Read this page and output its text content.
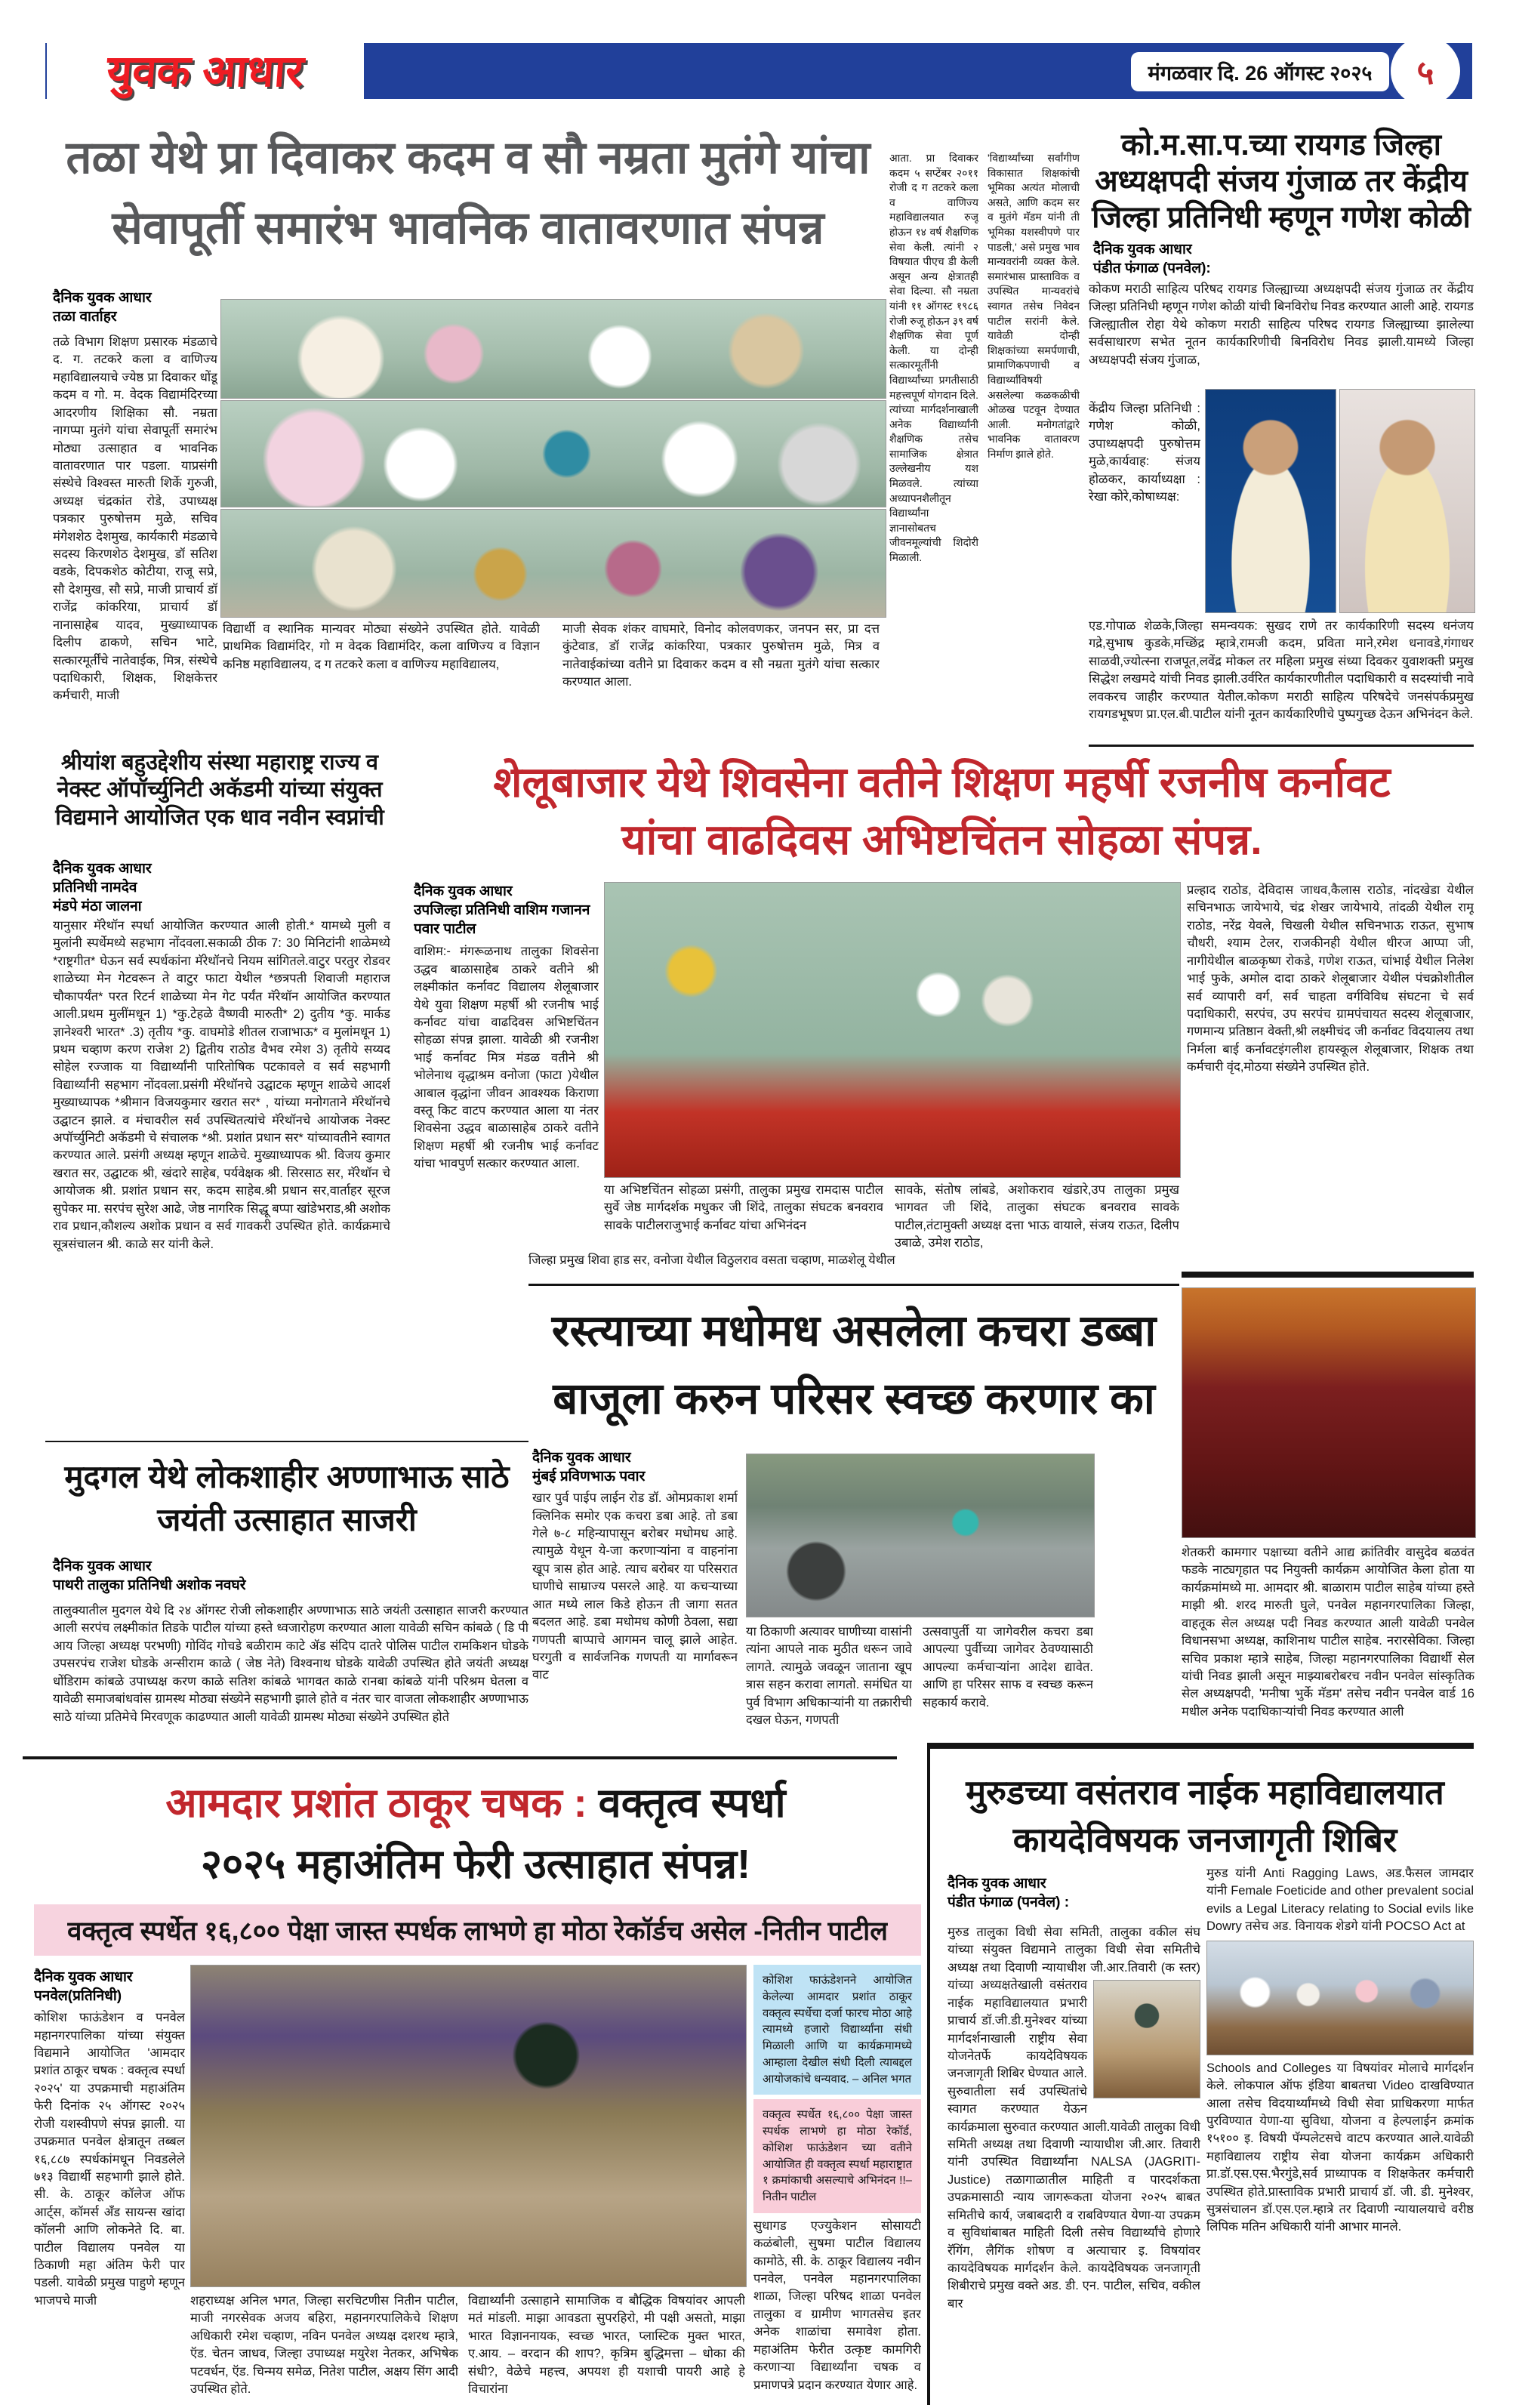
युवक आधार	मंगळवार दि. 26 ऑगस्ट २०२५ ५
तळा येथे प्रा दिवाकर कदम व सौ नम्रता मुतंगे यांचा सेवापूर्ती समारंभ भावनिक वातावरणात संपन्न
दैनिक युवक आधार
तळा वार्ताहर
तळे विभाग शिक्षण प्रसारक मंडळाचे द. ग. तटकरे कला व वाणिज्य महाविद्यालयाचे ज्येष्ठ प्रा दिवाकर धोंडू कदम व गो. म. वेदक विद्यामंदिरच्या आदरणीय शिक्षिका सौ. नम्रता नागप्पा मुतंगे यांचा सेवापूर्ती समारंभ मोठ्या उत्साहात व भावनिक वातावरणात पार पडला. याप्रसंगी संस्थेचे विश्वस्त मारुती शिर्के गुरुजी, अध्यक्ष चंद्रकांत रोडे, उपाध्यक्ष पत्रकार पुरुषोत्तम मुळे, सचिव मंगेशशेठ देशमुख, कार्यकारी मंडळाचे सदस्य किरणशेठ देशमुख, डॉ सतिश वडके, दिपकशेठ कोटीया, राजू सप्रे, सौ देशमुख, सौ सप्रे, माजी प्राचार्य डॉ राजेंद्र कांकरिया, प्राचार्य डॉ नानासाहेब यादव, मुख्याध्यापक दिलीप ढाकणे, सचिन भाटे, सत्कारमूर्तींचे नातेवाईक, मित्र, संस्थेचे पदाधिकारी, शिक्षक, शिक्षकेत्तर कर्मचारी, माजी
विद्यार्थी व स्थानिक मान्यवर मोठ्या संख्येने उपस्थित होते. यावेळी प्राथमिक विद्यामंदिर, गो म वेदक विद्यामंदिर, कला वाणिज्य व विज्ञान कनिष्ठ महाविद्यालय, द ग तटकरे कला व वाणिज्य महाविद्यालय,
माजी सेवक शंकर वाघमारे, विनोद कोलवणकर, जनपन सर, प्रा दत्त कुंटेवाड, डॉ राजेंद्र कांकरिया, पत्रकार पुरुषोत्तम मुळे, मित्र व नातेवाईकांच्या वतीने प्रा दिवाकर कदम व सौ नम्रता मुतंगे यांचा सत्कार करण्यात आला.
आता. प्रा दिवाकर कदम ५ सप्टेंबर २०११ रोजी द ग तटकरे कला व वाणिज्य महाविद्यालयात रुजू होऊन १४ वर्ष शैक्षणिक सेवा केली. त्यांनी २ विषयात पीएच डी केली असून अन्य क्षेत्रातही सेवा दिल्या. सौ नम्रता यांनी ११ ऑगस्ट १९८६ रोजी रुजू होऊन ३९ वर्ष शैक्षणिक सेवा पूर्ण केली. या दोन्ही सत्कारमूर्तींनी विद्यार्थ्यांच्या प्रगतीसाठी महत्त्वपूर्ण योगदान दिले. त्यांच्या मार्गदर्शनाखाली अनेक विद्यार्थ्यांनी शैक्षणिक तसेच सामाजिक क्षेत्रात उल्लेखनीय यश मिळवले. त्यांच्या अध्यापनशैलीतून विद्यार्थ्यांना ज्ञानासोबतच जीवनमूल्यांची शिदोरी मिळाली.
'विद्यार्थ्यांच्या सर्वांगीण विकासात शिक्षकांची भूमिका अत्यंत मोलाची असते, आणि कदम सर व मुतंगे मॅडम यांनी ती भूमिका यशस्वीपणे पार पाडली,' असे प्रमुख भाव मान्यवरांनी व्यक्त केले. समारंभास प्रास्ताविक व उपस्थित मान्यवरांचे स्वागत तसेच निवेदन पाटील सरांनी केले. यावेळी दोन्ही शिक्षकांच्या समर्पणाची, प्रामाणिकपणाची व विद्यार्थ्यांविषयी असलेल्या कळकळीची ओळख पटवून देण्यात आली. मनोगतांद्वारे भावनिक वातावरण निर्माण झाले होते.
को.म.सा.प.च्या रायगड जिल्हा अध्यक्षपदी संजय गुंजाळ तर केंद्रीय जिल्हा प्रतिनिधी म्हणून गणेश कोळी
दैनिक युवक आधार
पंडीत फंगाळ (पनवेल):
कोकण मराठी साहित्य परिषद रायगड जिल्ह्याच्या अध्यक्षपदी संजय गुंजाळ तर केंद्रीय जिल्हा प्रतिनिधी म्हणून गणेश कोळी यांची बिनविरोध निवड करण्यात आली आहे. रायगड जिल्ह्यातील रोहा येथे कोकण मराठी साहित्य परिषद रायगड जिल्ह्याच्या झालेल्या सर्वसाधारण सभेत नूतन कार्यकारिणीची बिनविरोध निवड झाली.यामध्ये जिल्हा अध्यक्षपदी संजय गुंजाळ,
केंद्रीय जिल्हा प्रतिनिधी : गणेश कोळी, उपाध्यक्षपदी पुरुषोत्तम मुळे,कार्यवाह: संजय होळकर, कार्याध्यक्षा : रेखा कोरे,कोषाध्यक्ष:
एड.गोपाळ शेळके,जिल्हा समन्वयक: सुखद राणे तर कार्यकारिणी सदस्य धनंजय गद्रे,सुभाष कुडके,मच्छिंद्र म्हात्रे,रामजी कदम, प्रविता माने,रमेश धनावडे,गंगाधर साळवी,ज्योत्स्ना राजपूत,लवेंद्र मोकल तर महिला प्रमुख संध्या दिवकर युवाशक्ती प्रमुख सिद्धेश लखमदे यांची निवड झाली.उर्वरित कार्यकारणीतील पदाधिकारी व सदस्यांची नावे लवकरच जाहीर करण्यात येतील.कोकण मराठी साहित्य परिषदेचे जनसंपर्कप्रमुख रायगडभूषण प्रा.एल.बी.पाटील यांनी नूतन कार्यकारिणीचे पुष्पगुच्छ देऊन अभिनंदन केले.
श्रीयांश बहुउद्देशीय संस्था महाराष्ट्र राज्य व नेक्स्ट ऑपॉर्च्युनिटी अकॅडमी यांच्या संयुक्त विद्यमाने आयोजित एक धाव नवीन स्वप्नांची
दैनिक युवक आधार
प्रतिनिधी नामदेव
मंडपे मंठा जालना
यानुसार मॅरेथॉन स्पर्धा आयोजित करण्यात आली होती.* यामध्ये मुली व मुलांनी स्पर्धेमध्ये सहभाग नोंदवला.सकाळी ठीक 7: 30 मिनिटांनी शाळेमध्ये *राष्ट्रगीत* घेऊन सर्व स्पर्धकांना मॅरेथॉनचे नियम सांगितले.वाटुर परतुर रोडवर शाळेच्या मेन गेटवरून ते वाटुर फाटा येथील *छत्रपती शिवाजी महाराज चौकापर्यंत* परत रिटर्न शाळेच्या मेन गेट पर्यंत मॅरेथॉन आयोजित करण्यात आली.प्रथम मुलींमधून 1) *कु.टेहळे वैष्णवी मारुती* 2) दुतीय *कु. मार्कड ज्ञानेश्वरी भारत* .3) तृतीय *कु. वाघमोडे शीतल राजाभाऊ* व मुलांमधून 1) प्रथम चव्हाण करण राजेश 2) द्वितीय राठोड वैभव रमेश 3) तृतीये सय्यद सोहेल रज्जाक या विद्यार्थ्यांनी पारितोषिक पटकावले व सर्व सहभागी विद्यार्थ्यांनी सहभाग नोंदवला.प्रसंगी मॅरेथॉनचे उद्घाटक म्हणून शाळेचे आदर्श मुख्याध्यापक *श्रीमान विजयकुमार खरात सर* , यांच्या मनोगताने मॅरेथॉनचे उद्घाटन झाले. व मंचावरील सर्व उपस्थितत्यांचे मॅरेथॉनचे आयोजक नेक्स्ट अपॉर्च्युनिटी अकॅडमी चे संचालक *श्री. प्रशांत प्रधान सर* यांच्यावतीने स्वागत करण्यात आले. प्रसंगी अध्यक्ष म्हणून शाळेचे. मुख्याध्यापक श्री. विजय कुमार खरात सर, उद्घाटक श्री, खंदारे साहेब, पर्यवेक्षक श्री. सिरसाठ सर, मॅरेथॉन चे आयोजक श्री. प्रशांत प्रधान सर, कदम साहेब.श्री प्रधान सर,वार्ताहर सूरज सुपेकर मा. सरपंच सुरेश आढे, जेष्ठ नागरिक सिद्धू बप्पा खांडेभराड,श्री अशोक राव प्रधान,कौशल्य अशोक प्रधान व सर्व गावकरी उपस्थित होते. कार्यक्रमाचे सूत्रसंचालन श्री. काळे सर यांनी केले.
शेलूबाजार येथे शिवसेना वतीने शिक्षण महर्षी रजनीष कर्नावट
यांचा वाढदिवस अभिष्टचिंतन सोहळा संपन्न.
दैनिक युवक आधार
उपजिल्हा प्रतिनिधी वाशिम गजानन पवार पाटील
वाशिम:- मंगरूळनाथ तालुका शिवसेना उद्धव बाळासाहेब ठाकरे वतीने श्री लक्ष्मीकांत कर्नावट विद्यालय शेलूबाजार येथे युवा शिक्षण महर्षी श्री रजनीष भाई कर्नावट यांचा वाढदिवस अभिष्टचिंतन सोहळा संपन्न झाला. यावेळी श्री रजनीश भाई कर्नावट मित्र मंडळ वतीने श्री भोलेनाथ वृद्धाश्रम वनोजा (फाटा )येथील आबाल वृद्धांना जीवन आवश्यक किराणा वस्तू किट वाटप करण्यात आला या नंतर शिवसेना उद्धव बाळासाहेब ठाकरे वतीने शिक्षण महर्षी श्री रजनीष भाई कर्नावट यांचा भावपुर्ण सत्कार करण्यात आला.
या अभिष्टचिंतन सोहळा प्रसंगी, तालुका प्रमुख रामदास पाटील सुर्वे जेष्ठ मार्गदर्शक मधुकर जी शिंदे, तालुका संघटक बनवराव सावके पाटीलराजुभाई कर्नावट यांचा अभिनंदन
सावके, संतोष लांबडे, अशोकराव खंडारे,उप तालुका प्रमुख भागवत जी शिंदे, तालुका संघटक बनवराव सावके पाटील,तंटामुक्ती अध्यक्ष दत्ता भाऊ वायाले, संजय राऊत, दिलीप उबाळे, उमेश राठोड,
जिल्हा प्रमुख शिवा हाड सर, वनोजा येथील विठुलराव वसता चव्हाण, माळशेलू येथील
प्रल्हाद राठोड, देविदास जाधव,कैलास राठोड, नांदखेडा येथील सचिनभाऊ जायेभाये, चंद्र शेखर जायेभाये, तांदळी येथील रामू राठोड, नरेंद्र येवले, चिखली येथील सचिनभाऊ राऊत, सुभाष चौधरी, श्याम टेलर, राजकीनही येथील धीरज आप्पा जी, नागीयेथील बाळकृष्ण रोकडे, गणेश राऊत, चांभाई येथील निलेश भाई फुके, अमोल दादा ठाकरे शेलूबाजार येथील पंचक्रोशीतील सर्व व्यापारी वर्ग, सर्व चाहता वर्गविविध संघटना चे सर्व पदाधिकारी, सरपंच, उप सरपंच ग्रामपंचायत सदस्य शेलूबाजार, गणमान्य प्रतिष्ठान वेक्ती,श्री लक्ष्मीचंद जी कर्नावट विदयालय तथा निर्मला बाई कर्नावटइंगलीश हायस्कूल शेलूबाजार, शिक्षक तथा कर्मचारी वृंद,मोठया संख्येने उपस्थित होते.
रस्त्याच्या मधोमध असलेला कचरा डब्बा
बाजूला करुन परिसर स्वच्छ करणार का
दैनिक युवक आधार
मुंबई प्रविणभाऊ पवार
खार पुर्व पाईप लाईन रोड डॉ. ओमप्रकाश शर्मा क्लिनिक समोर एक कचरा डबा आहे. तो डबा गेले ७-८ महिन्यापासून बरोबर मधोमध आहे. त्यामुळे येथून ये-जा करणाऱ्यांना व वाहनांना खूप त्रास होत आहे. त्याच बरोबर या परिसरात घाणीचे साम्राज्य पसरले आहे. या कचऱ्याच्या आत मध्ये लाल किडे होऊन ती जागा सतत बदलत आहे. डबा मधोमध कोणी ठेवला, सद्या गणपती बाप्पाचे आगमन चालू झाले आहेत. घरगुती व सार्वजनिक गणपती या मार्गावरून वाट
या ठिकाणी अत्यावर घाणीच्या वासांनी त्यांना आपले नाक मुठीत धरून जावे लागते. त्यामुळे जवळून जाताना खूप त्रास सहन करावा लागतो. समंधित या पुर्व विभाग अधिकाऱ्यांनी या तक्रारीची दखल घेऊन, गणपती
उत्सवापुर्ती या जागेवरील कचरा डबा आपल्या पुर्वीच्या जागेवर ठेवण्यासाठी आपल्या कर्मचाऱ्यांना आदेश द्यावेत. आणि हा परिसर साफ व स्वच्छ करून सहकार्य करावे.
शेतकरी कामगार पक्षाच्या वतीने आद्य क्रांतिवीर वासुदेव बळवंत फडके नाट्यगृहात पद नियुक्ती कार्यक्रम आयोजित केला होता या कार्यक्रमांमध्ये मा. आमदार श्री. बाळाराम पाटील साहेब यांच्या हस्ते माझी श्री. शरद मारुती घुले, पनवेल महानगरपालिका जिल्हा, वाहतूक सेल अध्यक्ष पदी निवड करण्यात आली यावेळी पनवेल विधानसभा अध्यक्ष, काशिनाथ पाटील साहेब. नरारसेविका. जिल्हा सचिव प्रकाश म्हात्रे साहेब, जिल्हा महानगरपालिका विद्यार्थी सेल यांची निवड झाली असून माझ्याबरोबरच नवीन पनवेल सांस्कृतिक सेल अध्यक्षपदी, 'मनीषा भुर्के मॅडम' तसेच नवीन पनवेल वार्ड 16 मधील अनेक पदाधिकाऱ्यांची निवड करण्यात आली
मुदगल येथे लोकशाहीर अण्णाभाऊ साठे जयंती उत्साहात साजरी
दैनिक युवक आधार
पाथरी तालुका प्रतिनिधी अशोक नवघरे
तालुक्यातील मुदगल येथे दि २४ ऑगस्ट रोजी लोकशाहीर अण्णाभाऊ साठे जयंती उत्साहात साजरी करण्यात आली सरपंच लक्ष्मीकांत तिडके पाटील यांच्या हस्ते ध्वजारोहण करण्यात आला यावेळी सचिन कांबळे ( डि पी आय जिल्हा अध्यक्ष परभणी) गोविंद गोचडे बळीराम काटे ॲड संदिप दातरे पोलिस पाटील रामकिशन घोडके उपसरपंच राजेश घोडके अन्सीराम काळे ( जेष्ठ नेते) विश्वनाथ घोडके यावेळी उपस्थित होते जयंती अध्यक्ष धोंडिराम कांबळे उपाध्यक्ष करण काळे सतिश कांबळे भागवत काळे रानबा कांबळे यांनी परिश्रम घेतला व यावेळी समाजबांधवांस ग्रामस्थ मोठ्या संख्येने सहभागी झाले होते व नंतर चार वाजता लोकशाहीर अण्णाभाऊ साठे यांच्या प्रतिमेचे मिरवणूक काढण्यात आली यावेळी ग्रामस्थ मोठ्या संख्येने उपस्थित होते
आमदार प्रशांत ठाकूर चषक : वक्तृत्व स्पर्धा
२०२५ महाअंतिम फेरी उत्साहात संपन्न!
वक्तृत्व स्पर्धेत १६,८०० पेक्षा जास्त स्पर्धक लाभणे हा मोठा रेकॉर्डच असेल -नितीन पाटील
दैनिक युवक आधार
पनवेल(प्रतिनिधी)
कोशिश फाऊंडेशन व पनवेल महानगरपालिका यांच्या संयुक्त विद्यमाने आयोजित 'आमदार प्रशांत ठाकूर चषक : वक्तृत्व स्पर्धा २०२५' या उपक्रमाची महाअंतिम फेरी दिनांक २५ ऑगस्ट २०२५ रोजी यशस्वीपणे संपन्न झाली. या उपक्रमात पनवेल क्षेत्रातून तब्बल १६,८८७ स्पर्धकांमधून निवडलेले ७१३ विद्यार्थी सहभागी झाले होते. सी. के. ठाकूर कॉलेज ऑफ आर्ट्स, कॉमर्स अँड सायन्स खांदा कॉलनी आणि लोकनेते दि. बा. पाटील विद्यालय पनवेल या ठिकाणी महा अंतिम फेरी पार पडली. यावेळी प्रमुख पाहुणे म्हणून भाजपचे माजी	शहराध्यक्ष अनिल भगत, जिल्हा सरचिटणीस नितीन पाटील, माजी नगरसेवक अजय बहिरा, महानगरपालिकेचे शिक्षण अधिकारी रमेश चव्हाण, नविन पनवेल अध्यक्ष दशरथ म्हात्रे, ऍड. चेतन जाधव, जिल्हा उपाध्यक्ष मयुरेश नेतकर, अभिषेक पटवर्धन, ऍड. चिन्मय समेळ, नितेश पाटील, अक्षय सिंग आदी उपस्थित होते.
विद्यार्थ्यांनी उत्साहाने सामाजिक व बौद्धिक विषयांवर आपली मतं मांडली. माझा आवडता सुपरहिरो, मी पक्षी असतो, माझा भारत विज्ञाननायक, स्वच्छ भारत, प्लास्टिक मुक्त भारत, ए.आय. – वरदान की शाप?, कृत्रिम बुद्धिमत्ता – धोका की संधी?, वेळेचे महत्त्व, अपयश ही यशाची पायरी आहे हे विचारांना
कोशिश फाऊंडेशनने आयोजित केलेल्या आमदार प्रशांत ठाकूर वक्तृत्व स्पर्धेचा दर्जा फारच मोठा आहे त्यामध्ये हजारो विद्यार्थ्यांना संधी मिळाली आणि या कार्यक्रमामध्ये आम्हाला देखील संधी दिली त्याबद्दल आयोजकांचे धन्यवाद. – अनिल भगत
वक्तृत्व स्पर्धेत १६,८०० पेक्षा जास्त स्पर्धक लाभणे हा मोठा रेकॉर्ड, कोशिश फाऊंडेशन च्या वतीने आयोजित ही वक्तृत्व स्पर्धा महाराष्ट्रात १ क्रमांकाची असल्याचे अभिनंदन !!– नितीन पाटील
सुधागड एज्युकेशन सोसायटी कळंबोली, सुषमा पाटील विद्यालय कामोठे, सी. के. ठाकूर विद्यालय नवीन पनवेल, पनवेल महानगरपालिका शाळा, जिल्हा परिषद शाळा पनवेल तालुका व ग्रामीण भागतसेच इतर अनेक शाळांचा समावेश होता. महाअंतिम फेरीत उत्कृष्ट कामगिरी करणाऱ्या विद्यार्थ्यांना चषक व प्रमाणपत्रे प्रदान करण्यात येणार आहे.
मुरुडच्या वसंतराव नाईक महाविद्यालयात कायदेविषयक जनजागृती शिबिर
दैनिक युवक आधार
पंडीत फंगाळ (पनवेल) :
मुरुड तालुका विधी सेवा समिती, तालुका वकील संघ यांच्या संयुक्त विद्यमाने तालुका विधी सेवा समितीचे अध्यक्ष तथा दिवाणी न्यायाधीश जी.आर.तिवारी (क स्तर)
यांच्या अध्यक्षतेखाली वसंतराव नाईक महाविद्यालयात प्रभारी प्राचार्य डॉ.जी.डी.मुनेश्वर यांच्या मार्गदर्शनाखाली राष्ट्रीय सेवा योजनेतर्फे कायदेविषयक जनजागृती शिबिर घेण्यात आले. सुरुवातीला सर्व उपस्थितांचे स्वागत करण्यात येऊन कार्यक्रमाला सुरुवात करण्यात आली.यावेळी तालुका विधी समिती अध्यक्ष तथा दिवाणी न्यायाधीश जी.आर. तिवारी यांनी उपस्थित विद्यार्थ्यांना NALSA (JAGRITI-Justice) तळागाळातील माहिती व पारदर्शकता उपक्रमासाठी न्याय जागरूकता योजना २०२५ बाबत समितीचे कार्य, जबाबदारी व राबविण्यात येणा-या उपक्रम व सुविधांबाबत माहिती दिली तसेच विद्यार्थ्यांचे होणारे रॅगिंग, लैगिंक शोषण व अत्याचार इ. विषयांवर कायदेविषयक मार्गदर्शन केले. कायदेविषयक जनजागृती शिबीराचे प्रमुख वक्ते अड. डी. एन. पाटील, सचिव, वकील बार
मुरुड यांनी Anti Ragging Laws, अड.फैसल जामदार यांनी Female Foeticide and other prevalent social evils a Legal Literacy relating to Social evils like Dowry तसेच अड. विनायक शेडगे यांनी POCSO Act at
Schools and Colleges या विषयांवर मोलाचे मार्गदर्शन केले. लोकपाल ऑफ इंडिया बाबतचा Video दाखविण्यात आला तसेच विदयार्थ्यांमध्ये विधी सेवा प्राधिकरणा मार्फत पुरविण्यात येणा-या सुविधा, योजना व हेल्पलाईन क्रमांक १५१०० इ. विषयी पॅम्पलेटसचे वाटप करण्यात आले.यावेळी महाविद्यालय राष्ट्रीय सेवा योजना कार्यक्रम अधिकारी प्रा.डॉ.एस.एस.भैरगुंडे,सर्व प्राध्यापक व शिक्षकेतर कर्मचारी उपस्थित होते.प्रास्ताविक प्रभारी प्राचार्य डॉ. जी. डी. मुनेश्वर, सुत्रसंचालन डॉ.एस.एल.म्हात्रे तर दिवाणी न्यायालयाचे वरीष्ठ लिपिक मतिन अधिकारी यांनी आभार मानले.
